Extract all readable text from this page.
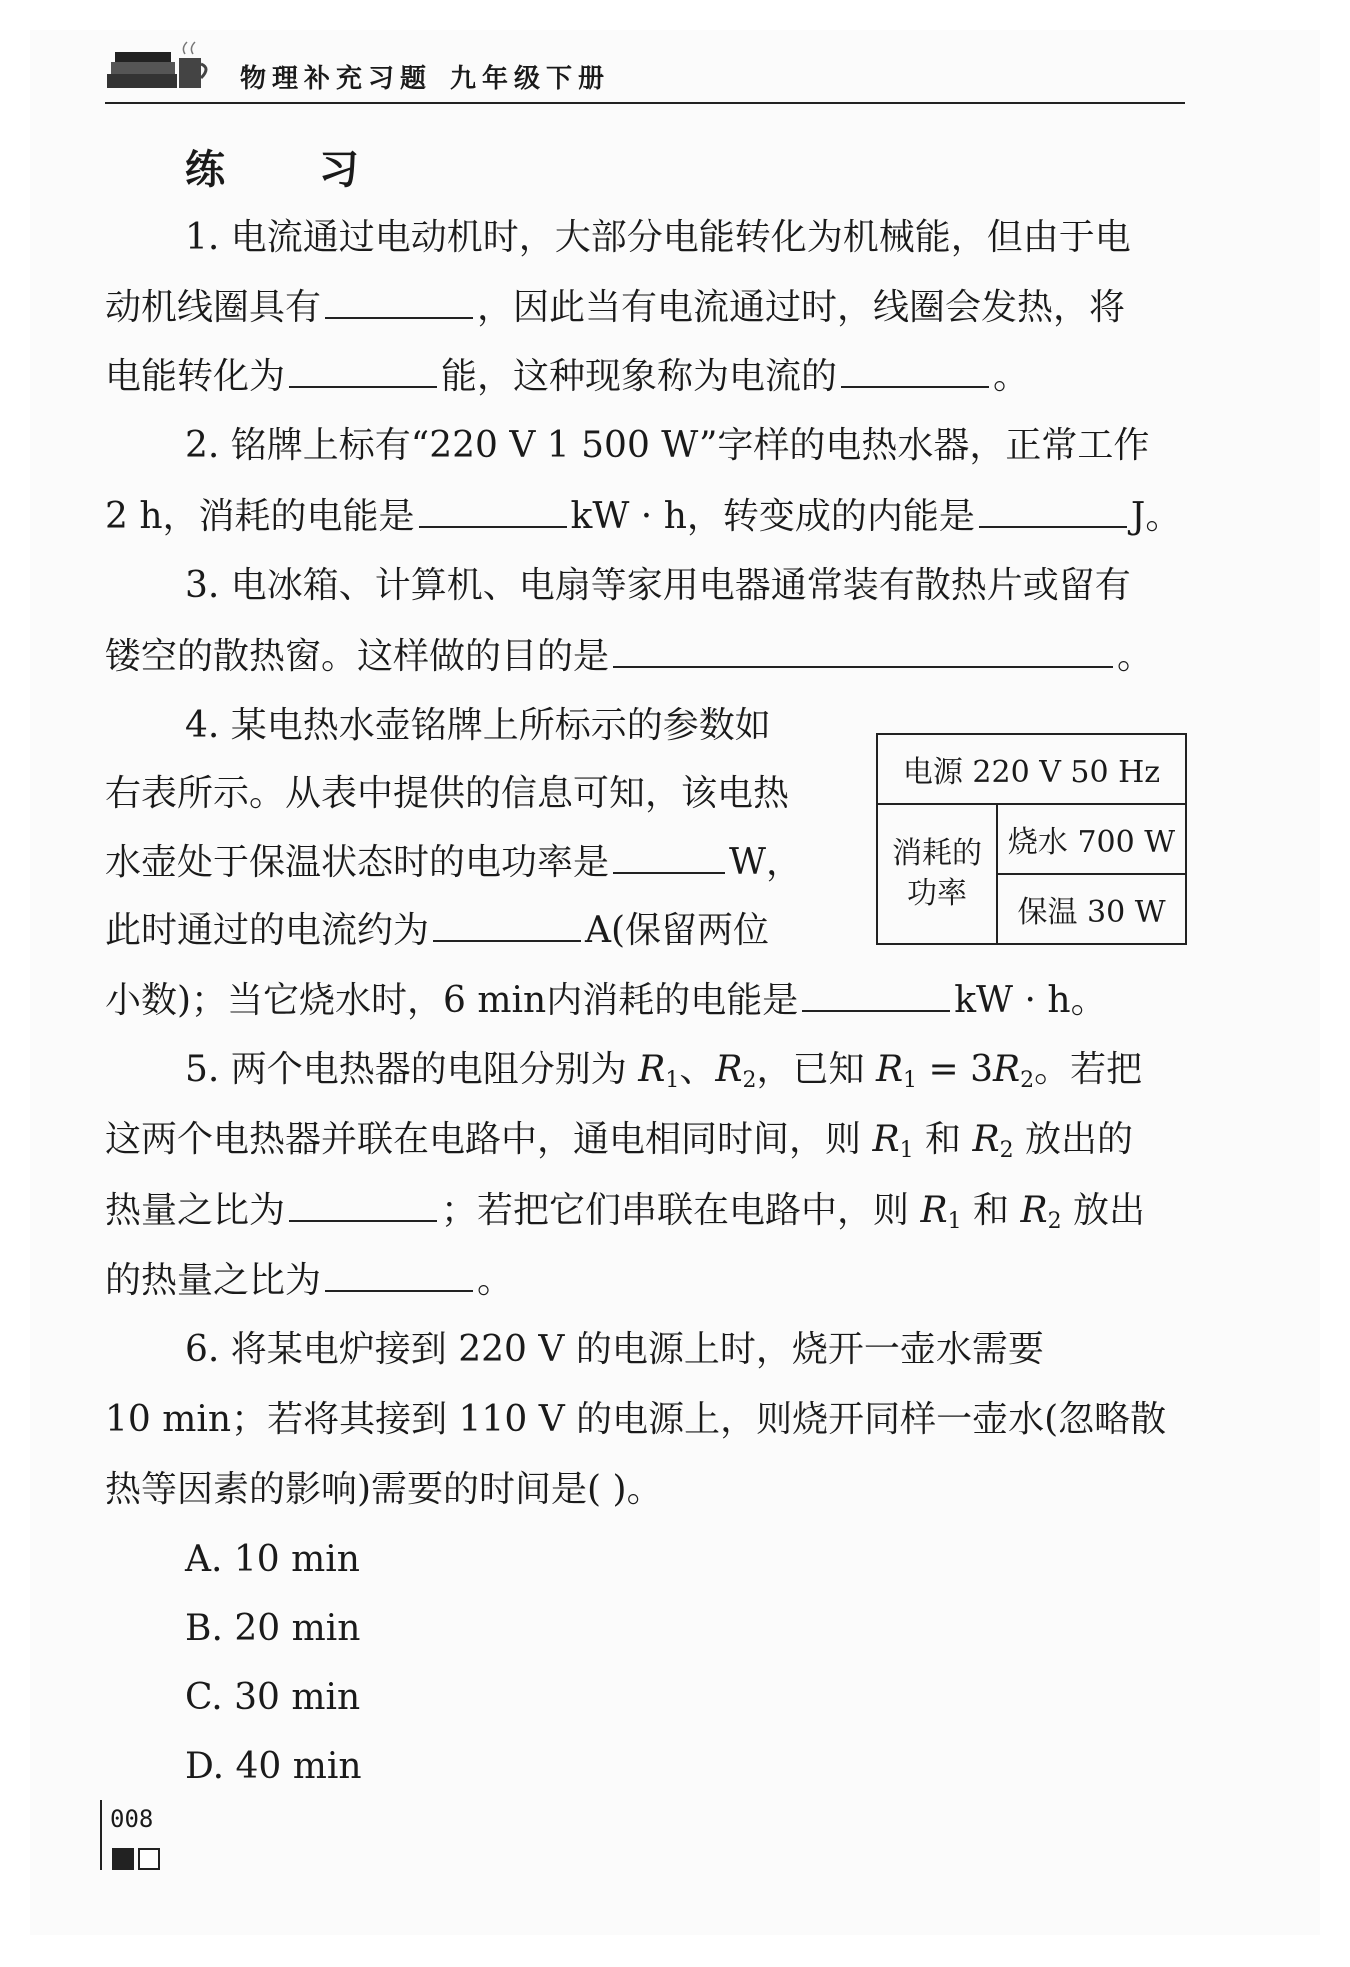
物理补充习题 九年级下册
练 习
1. 电流通过电动机时，大部分电能转化为机械能，但由于电
动机线圈具有	，因此当有电流通过时，线圈会发热，将
电能转化为	能，这种现象称为电流的	。
2. 铭牌上标有“220 V 1 500 W”字样的电热水器，正常工作
2 h，消耗的电能是	kW · h，转变成的内能是	J。
3. 电冰箱、计算机、电扇等家用电器通常装有散热片或留有
镂空的散热窗。这样做的目的是	。
4. 某电热水壶铭牌上所标示的参数如
右表所示。从表中提供的信息可知，该电热
水壶处于保温状态时的电功率是	W，
此时通过的电流约为	A(保留两位
小数)；当它烧水时，6 min内消耗的电能是	kW · h。
电源 220 V 50 Hz
消耗的
功率	烧水 700 W
保温 30 W
5. 两个电热器的电阻分别为 $R_1$、$R_2$，已知 $R_1 = 3R_2$。若把
这两个电热器并联在电路中，通电相同时间，则 $R_1$ 和 $R_2$ 放出的
热量之比为	；若把它们串联在电路中，则 $R_1$ 和 $R_2$ 放出
的热量之比为	。
6. 将某电炉接到 220 V 的电源上时，烧开一壶水需要
10 min；若将其接到 110 V 的电源上，则烧开同样一壶水(忽略散
热等因素的影响)需要的时间是( )。
A. 10 min
B. 20 min
C. 30 min
D. 40 min
008
